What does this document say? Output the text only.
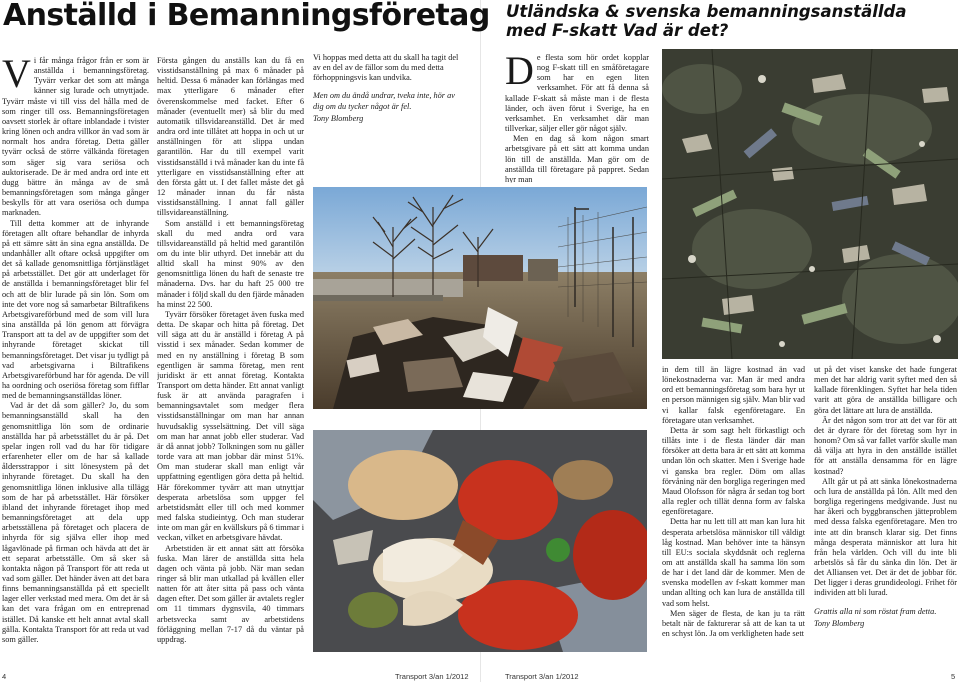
Anställd i Bemanningsföretag

Vi får många frågor från er som är anställda i bemanningsföretag. Tyvärr verkar det som att många känner sig lurade och utnyttjade. Tyvärr måste vi till viss del hålla med de som ringer till oss. Bemanningsföretagen oavsett storlek är oftare inblandade i tvister kring lönen och andra villkor än vad som är normalt hos andra företag. Detta gäller tyvärr också de större välkända företagen som säger sig vara seriösa och auktoriserade. De är med andra ord inte ett dugg bättre än många av de små bemanningsföretagen som många gånger beskylls för att vara oseriösa och dumpa marknaden.

Till detta kommer att de inhyrande företagen allt oftare behandlar de inhyrda på ett sämre sätt än sina egna anställda. De undanhåller allt oftare också uppgifter om det så kallade genomsnittliga förtjänstläget på arbetsstället. Det gör att underlaget för de anställda i bemanningsföretaget blir fel och att de blir lurade på sin lön. Som om inte det vore nog så samarbetar Biltrafikens Arbetsgivareförbund med de som vill lura sina anställda på lön genom att förvägra Transport att ta del av de uppgifter som det inhyrande företaget skickat till bemanningsföretaget. Det visar ju tydligt på vad arbetsgivarna i Biltrafikens Arbetsgivareförbund har för agenda. De vill ha oordning och oseriösa företag som fifflar med de bemanningsanställdas löner.

Vad är det då som gäller? Jo, du som bemanningsanställd skall ha den genomsnittliga lön som de ordinarie anställda har på arbetsstället du är på. Det spelar ingen roll vad du har för tidigare erfarenheter eller om de har så kallade åldersstrappor i sitt lönesystem på det inhyrande företaget. Du skall ha den genomsnittliga lönen inklusive alla tillägg som de har på arbetsstället. Här försöker ibland det inhyrande företaget ihop med bemanningsföretaget att dela upp arbetsställena på företaget och placera de inhyrda för sig själva eller ihop med lågavlönade på firman och hävda att det är ett separat arbetsställe. Om så sker så kontakta någon på Transport för att reda ut vad som gäller. Det händer även att det bara finns bemanningsanställda på ett speciellt lager eller verkstad med mera. Om det är så kan det vara frågan om en entreprenad istället. Då kanske ett helt annat avtal skall gälla. Kontakta Transport för att reda ut vad som gäller.

Första gången du anställs kan du få en visstidsanställning på max 6 månader på heltid. Dessa 6 månader kan förlängas med max ytterligare 6 månader efter överenskommelse med facket. Efter 6 månader (eventuellt mer) så blir du med automatik tillsvidareanställd. Det är med andra ord inte tillåtet att hoppa in och ut ur anställningen för att slippa undan garantilön. Har du till exempel varit visstidsanställd i två månader kan du inte få ytterligare en visstidsanställning efter att den första gått ut. I det fallet måste det gå 12 månader innan du får nästa visstidsanställning. I annat fall gäller tillsvidareanställning.

Som anställd i ett bemanningsföretag skall du med andra ord vara tillsvidareanställd på heltid med garantilön om du inte blir uthyrd. Det innebär att du alltid skall ha minst 90% av den genomsnittliga lönen du haft de senaste tre månaderna. Dvs. har du haft 25 000 tre månader i följd skall du den fjärde månaden ha minst 22 500.

Tyvärr försöker företaget även fuska med detta. De skapar och hitta på företag. Det vill säga att du är anställd i företag A på visstid i sex månader. Sedan kommer de med en ny anställning i företag B som egentligen är samma företag, men rent juridiskt är ett annat företag. Kontakta Transport om detta händer. Ett annat vanligt fusk är att använda paragrafen i bemanningsavtalet som medger flera visstidsanställningar om man har annan huvudsaklig sysselsättning. Det vill säga om man har annat jobb eller studerar. Vad är då annat jobb? Tolkningen som nu gäller torde vara att man jobbar där minst 51%. Om man studerar skall man enligt vår uppfattning egentligen göra detta på heltid. Här förekommer tyvärr att man utnyttjar desperata arbetslösa som uppger fel arbetstidsmått eller till och med kommer med falska studieintyg. Och man studerar inte om man går en kvällskurs på 6 timmar i veckan, vilket en arbetsgivare hävdat.

Arbetstiden är ett annat sätt att försöka fuska. Man lärer de anställda sitta hela dagen och vänta på jobb. När man sedan ringer så blir man utkallad på kvällen eller natten för att åter sitta på pass och vänta dagen efter. Det som gäller är avtalets regler om 11 timmars dygnsvila, 40 timmars arbetsvecka samt av arbetstidens förläggning mellan 7-17 då du väntar på uppdrag.

4	Transport 3/an 1/2012
Utländska & svenska bemanningsanställda med F-skatt Vad är det?

Vi hoppas med detta att du skall ha tagit del av en del av de fällor som du med detta förhoppningsvis kan undvika.

Men om du ändå undrar, tveka inte, hör av dig om du tycker något är fel.

Tony Blomberg

De flesta som hör ordet kopplar nog F-skatt till en småföretagare som har en egen liten verksamhet. För att få denna så kallade F-skatt så måste man i de flesta länder, och även förut i Sverige, ha en verksamhet. En verksamhet där man tillverkar, säljer eller gör något själv.

Men en dag så kom någon smart arbetsgivare på ett sätt att komma undan lön till de anställda. Man gör om de anställda till företagare på pappret. Sedan hyr man

in dem till än lägre kostnad än vad lönekostnaderna var. Man är med andra ord ett bemanningsföretag som bara hyr ut en person männigen sig själv. Man blir vad vi kallar falsk egenföretagare. En företagare utan verksamhet.

Detta är som sagt helt förkastligt och tillåts inte i de flesta länder där man försöker att detta bara är ett sätt att komma undan lön och skatter. Men i Sverige hade vi ganska bra regler. Döm om allas förvåning när den borgliga regeringen med Maud Olofsson för några år sedan tog bort alla regler och tillät denna form av falska egenföretagare.

Detta har nu lett till att man kan lura hit desperata arbetslösa människor till väldigt låg kostnad. Man behöver inte ta hänsyn till EU:s sociala skyddsnät och reglerna om att anställda skall ha samma lön som de har i det land där de kommer. Men de svenska modellen av f-skatt kommer man undan allting och kan lura de anställda till vad som helst.

Men säger de flesta, de kan ju ta rätt betalt när de fakturerar så att de kan ta ut en schyst lön. Ja om verkligheten hade sett

ut på det viset kanske det hade fungerat men det har aldrig varit syftet med den så kallade förenklingen. Syftet har hela tiden varit att göra de anställda billigare och göra det lättare att lura de anställda.

Är det någon som tror att det var för att det är dyrare för det företag som hyr in honom? Om så var fallet varför skulle man då välja att hyra in den anställde istället för att anställa densamma för en lägre kostnad?

Allt går ut på att sänka lönekostnaderna och lura de anställda på lön. Allt med den borgliga regeringens medgivande. Just nu har åkeri och byggbranschen jätteproblem med dessa falska egenföretagare. Men tro inte att din bransch klarar sig. Det finns många desperata människor att lura hit från hela världen. Och vill du inte bli arbetslös så får du sänka din lön. Det är det Alliansen vet. Det är det de jobbar för. Det ligger i deras grundideologi. Frihet för individen att bli lurad.

Grattis alla ni som röstat fram detta.

Tony Blomberg

Transport 3/an 1/2012	5
